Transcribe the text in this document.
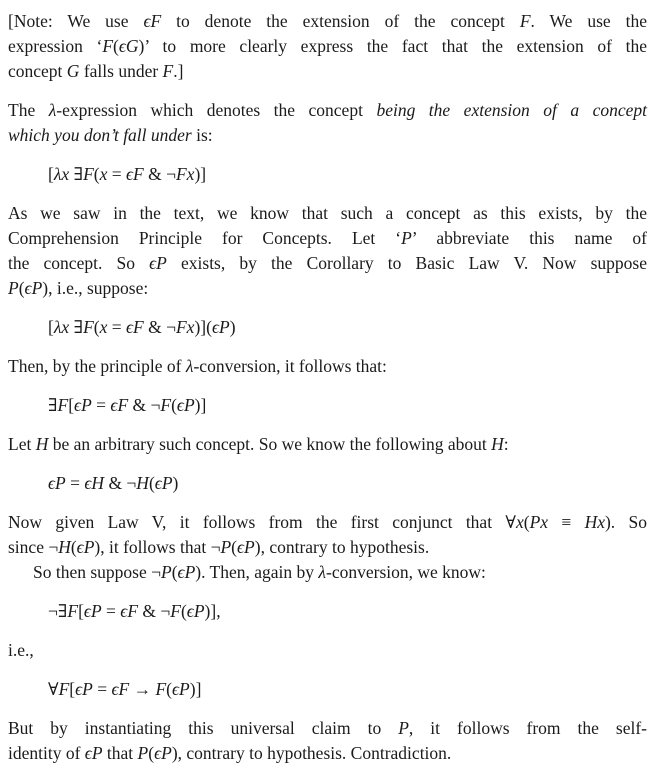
[Note: We use ϵF to denote the extension of the concept F. We use the
expression ‘F(ϵG)’ to more clearly express the fact that the extension of the
concept G falls under F.]
The λ-expression which denotes the concept being the extension of a concept
which you don’t fall under is:
[λx ∃F(x = ϵF & ¬Fx)]
As we saw in the text, we know that such a concept as this exists, by the
Comprehension Principle for Concepts. Let ‘P’ abbreviate this name of
the concept. So ϵP exists, by the Corollary to Basic Law V. Now suppose
P(ϵP), i.e., suppose:
[λx ∃F(x = ϵF & ¬Fx)](ϵP)
Then, by the principle of λ-conversion, it follows that:
∃F[ϵP = ϵF & ¬F(ϵP)]
Let H be an arbitrary such concept. So we know the following about H:
ϵP = ϵH & ¬H(ϵP)
Now given Law V, it follows from the first conjunct that ∀x(Px ≡ Hx). So
since ¬H(ϵP), it follows that ¬P(ϵP), contrary to hypothesis.
So then suppose ¬P(ϵP). Then, again by λ-conversion, we know:
¬∃F[ϵP = ϵF & ¬F(ϵP)],
i.e.,
∀F[ϵP = ϵF → F(ϵP)]
But by instantiating this universal claim to P, it follows from the self-
identity of ϵP that P(ϵP), contrary to hypothesis. Contradiction.
